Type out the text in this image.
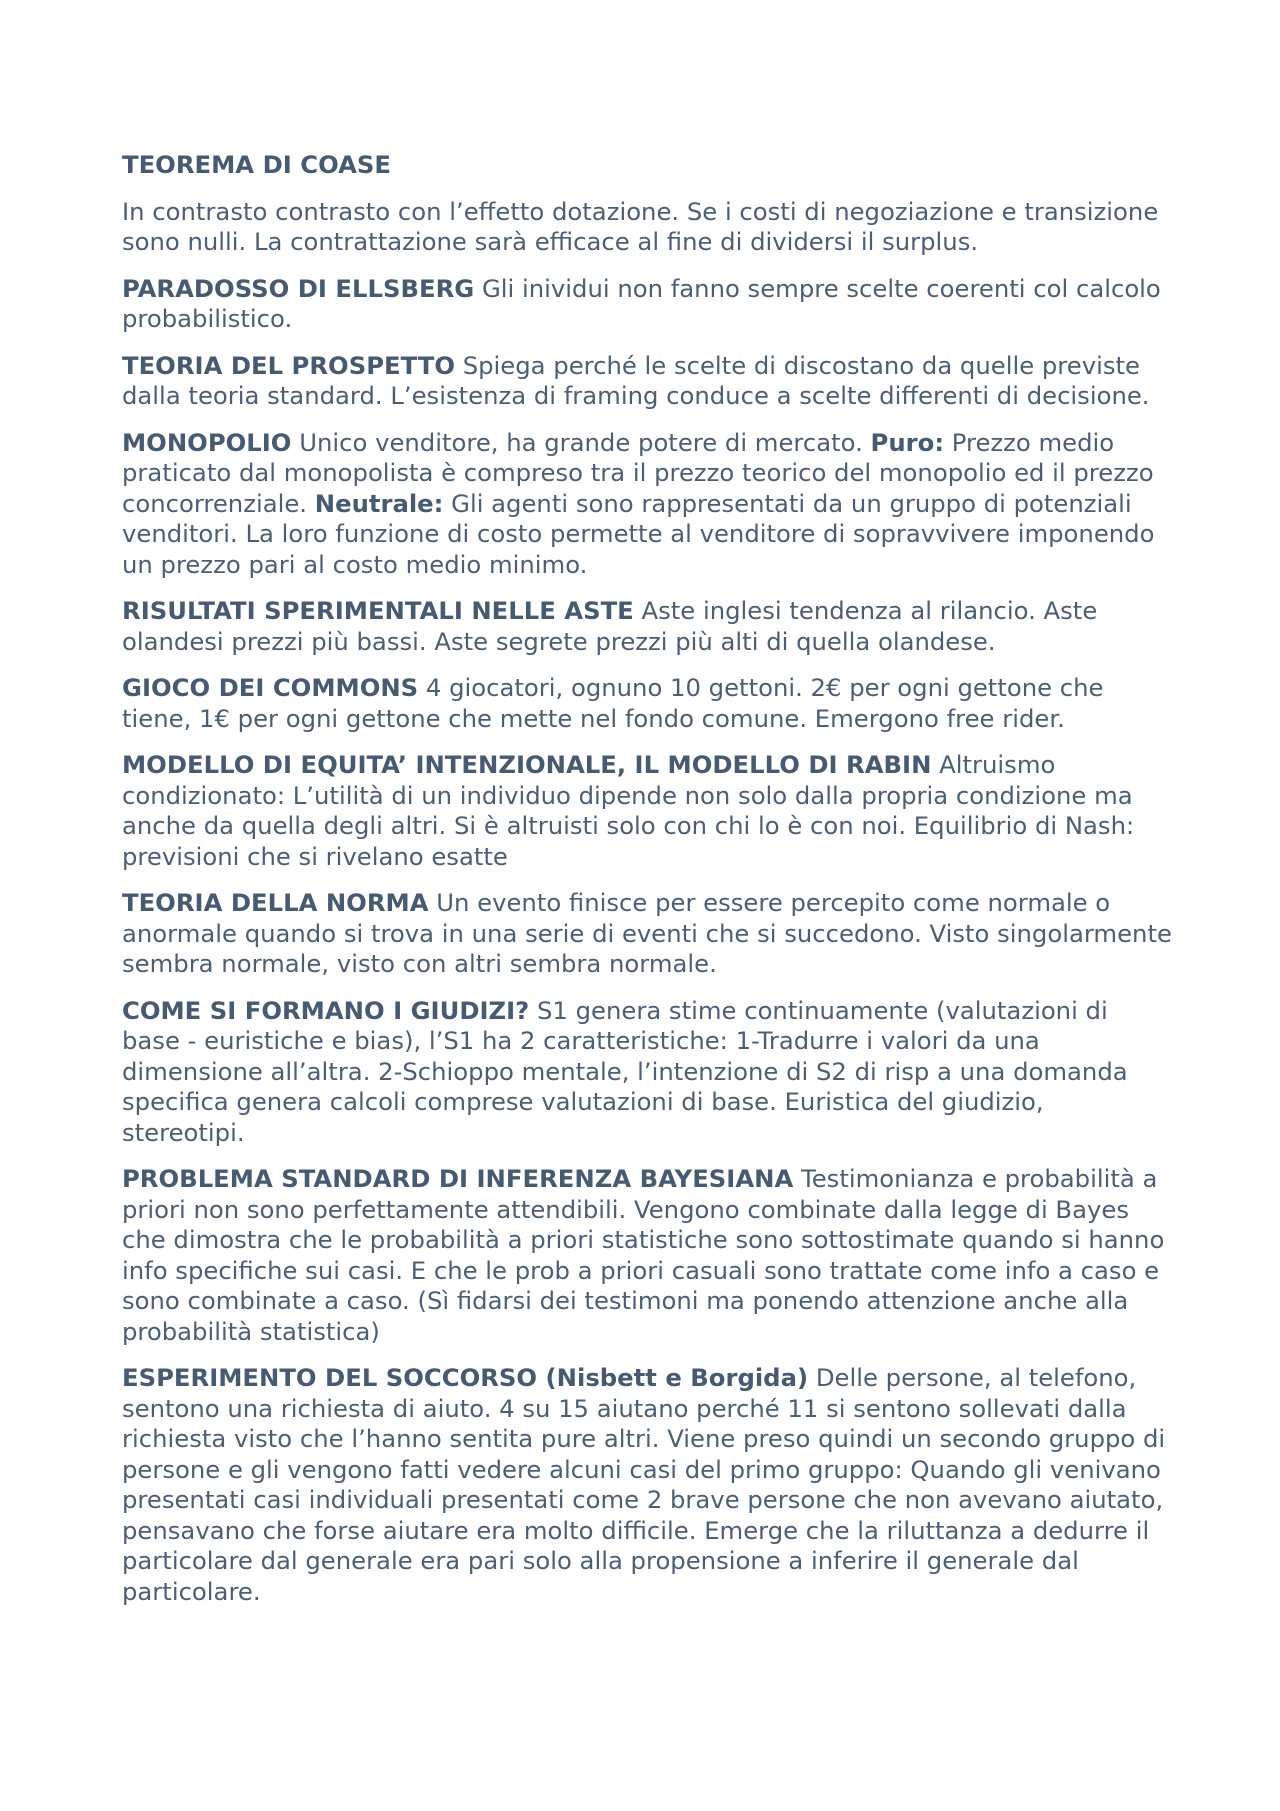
TEOREMA DI COASE

In contrasto contrasto con l’effetto dotazione. Se i costi di negoziazione e transizione sono nulli. La contrattazione sarà efficace al fine di dividersi il surplus.

PARADOSSO DI ELLSBERG Gli inividui non fanno sempre scelte coerenti col calcolo probabilistico.

TEORIA DEL PROSPETTO Spiega perché le scelte di discostano da quelle previste dalla teoria standard. L’esistenza di framing conduce a scelte differenti di decisione.

MONOPOLIO Unico venditore, ha grande potere di mercato. Puro: Prezzo medio praticato dal monopolista è compreso tra il prezzo teorico del monopolio ed il prezzo concorrenziale. Neutrale: Gli agenti sono rappresentati da un gruppo di potenziali venditori. La loro funzione di costo permette al venditore di sopravvivere imponendo un prezzo pari al costo medio minimo.

RISULTATI SPERIMENTALI NELLE ASTE Aste inglesi tendenza al rilancio. Aste olandesi prezzi più bassi. Aste segrete prezzi più alti di quella olandese.

GIOCO DEI COMMONS 4 giocatori, ognuno 10 gettoni. 2€ per ogni gettone che tiene, 1€ per ogni gettone che mette nel fondo comune. Emergono free rider.

MODELLO DI EQUITA’ INTENZIONALE, IL MODELLO DI RABIN Altruismo condizionato: L’utilità di un individuo dipende non solo dalla propria condizione ma anche da quella degli altri. Si è altruisti solo con chi lo è con noi. Equilibrio di Nash: previsioni che si rivelano esatte

TEORIA DELLA NORMA Un evento finisce per essere percepito come normale o anormale quando si trova in una serie di eventi che si succedono. Visto singolarmente sembra normale, visto con altri sembra normale.

COME SI FORMANO I GIUDIZI? S1 genera stime continuamente (valutazioni di base - euristiche e bias), l’S1 ha 2 caratteristiche: 1-Tradurre i valori da una dimensione all’altra. 2-Schioppo mentale, l’intenzione di S2 di risp a una domanda specifica genera calcoli comprese valutazioni di base. Euristica del giudizio, stereotipi.

PROBLEMA STANDARD DI INFERENZA BAYESIANA Testimonianza e probabilità a priori non sono perfettamente attendibili. Vengono combinate dalla legge di Bayes che dimostra che le probabilità a priori statistiche sono sottostimate quando si hanno info specifiche sui casi. E che le prob a priori casuali sono trattate come info a caso e sono combinate a caso. (Sì fidarsi dei testimoni ma ponendo attenzione anche alla probabilità statistica)

ESPERIMENTO DEL SOCCORSO (Nisbett e Borgida) Delle persone, al telefono, sentono una richiesta di aiuto. 4 su 15 aiutano perché 11 si sentono sollevati dalla richiesta visto che l’hanno sentita pure altri. Viene preso quindi un secondo gruppo di persone e gli vengono fatti vedere alcuni casi del primo gruppo: Quando gli venivano presentati casi individuali presentati come 2 brave persone che non avevano aiutato, pensavano che forse aiutare era molto difficile. Emerge che la riluttanza a dedurre il particolare dal generale era pari solo alla propensione a inferire il generale dal particolare.
